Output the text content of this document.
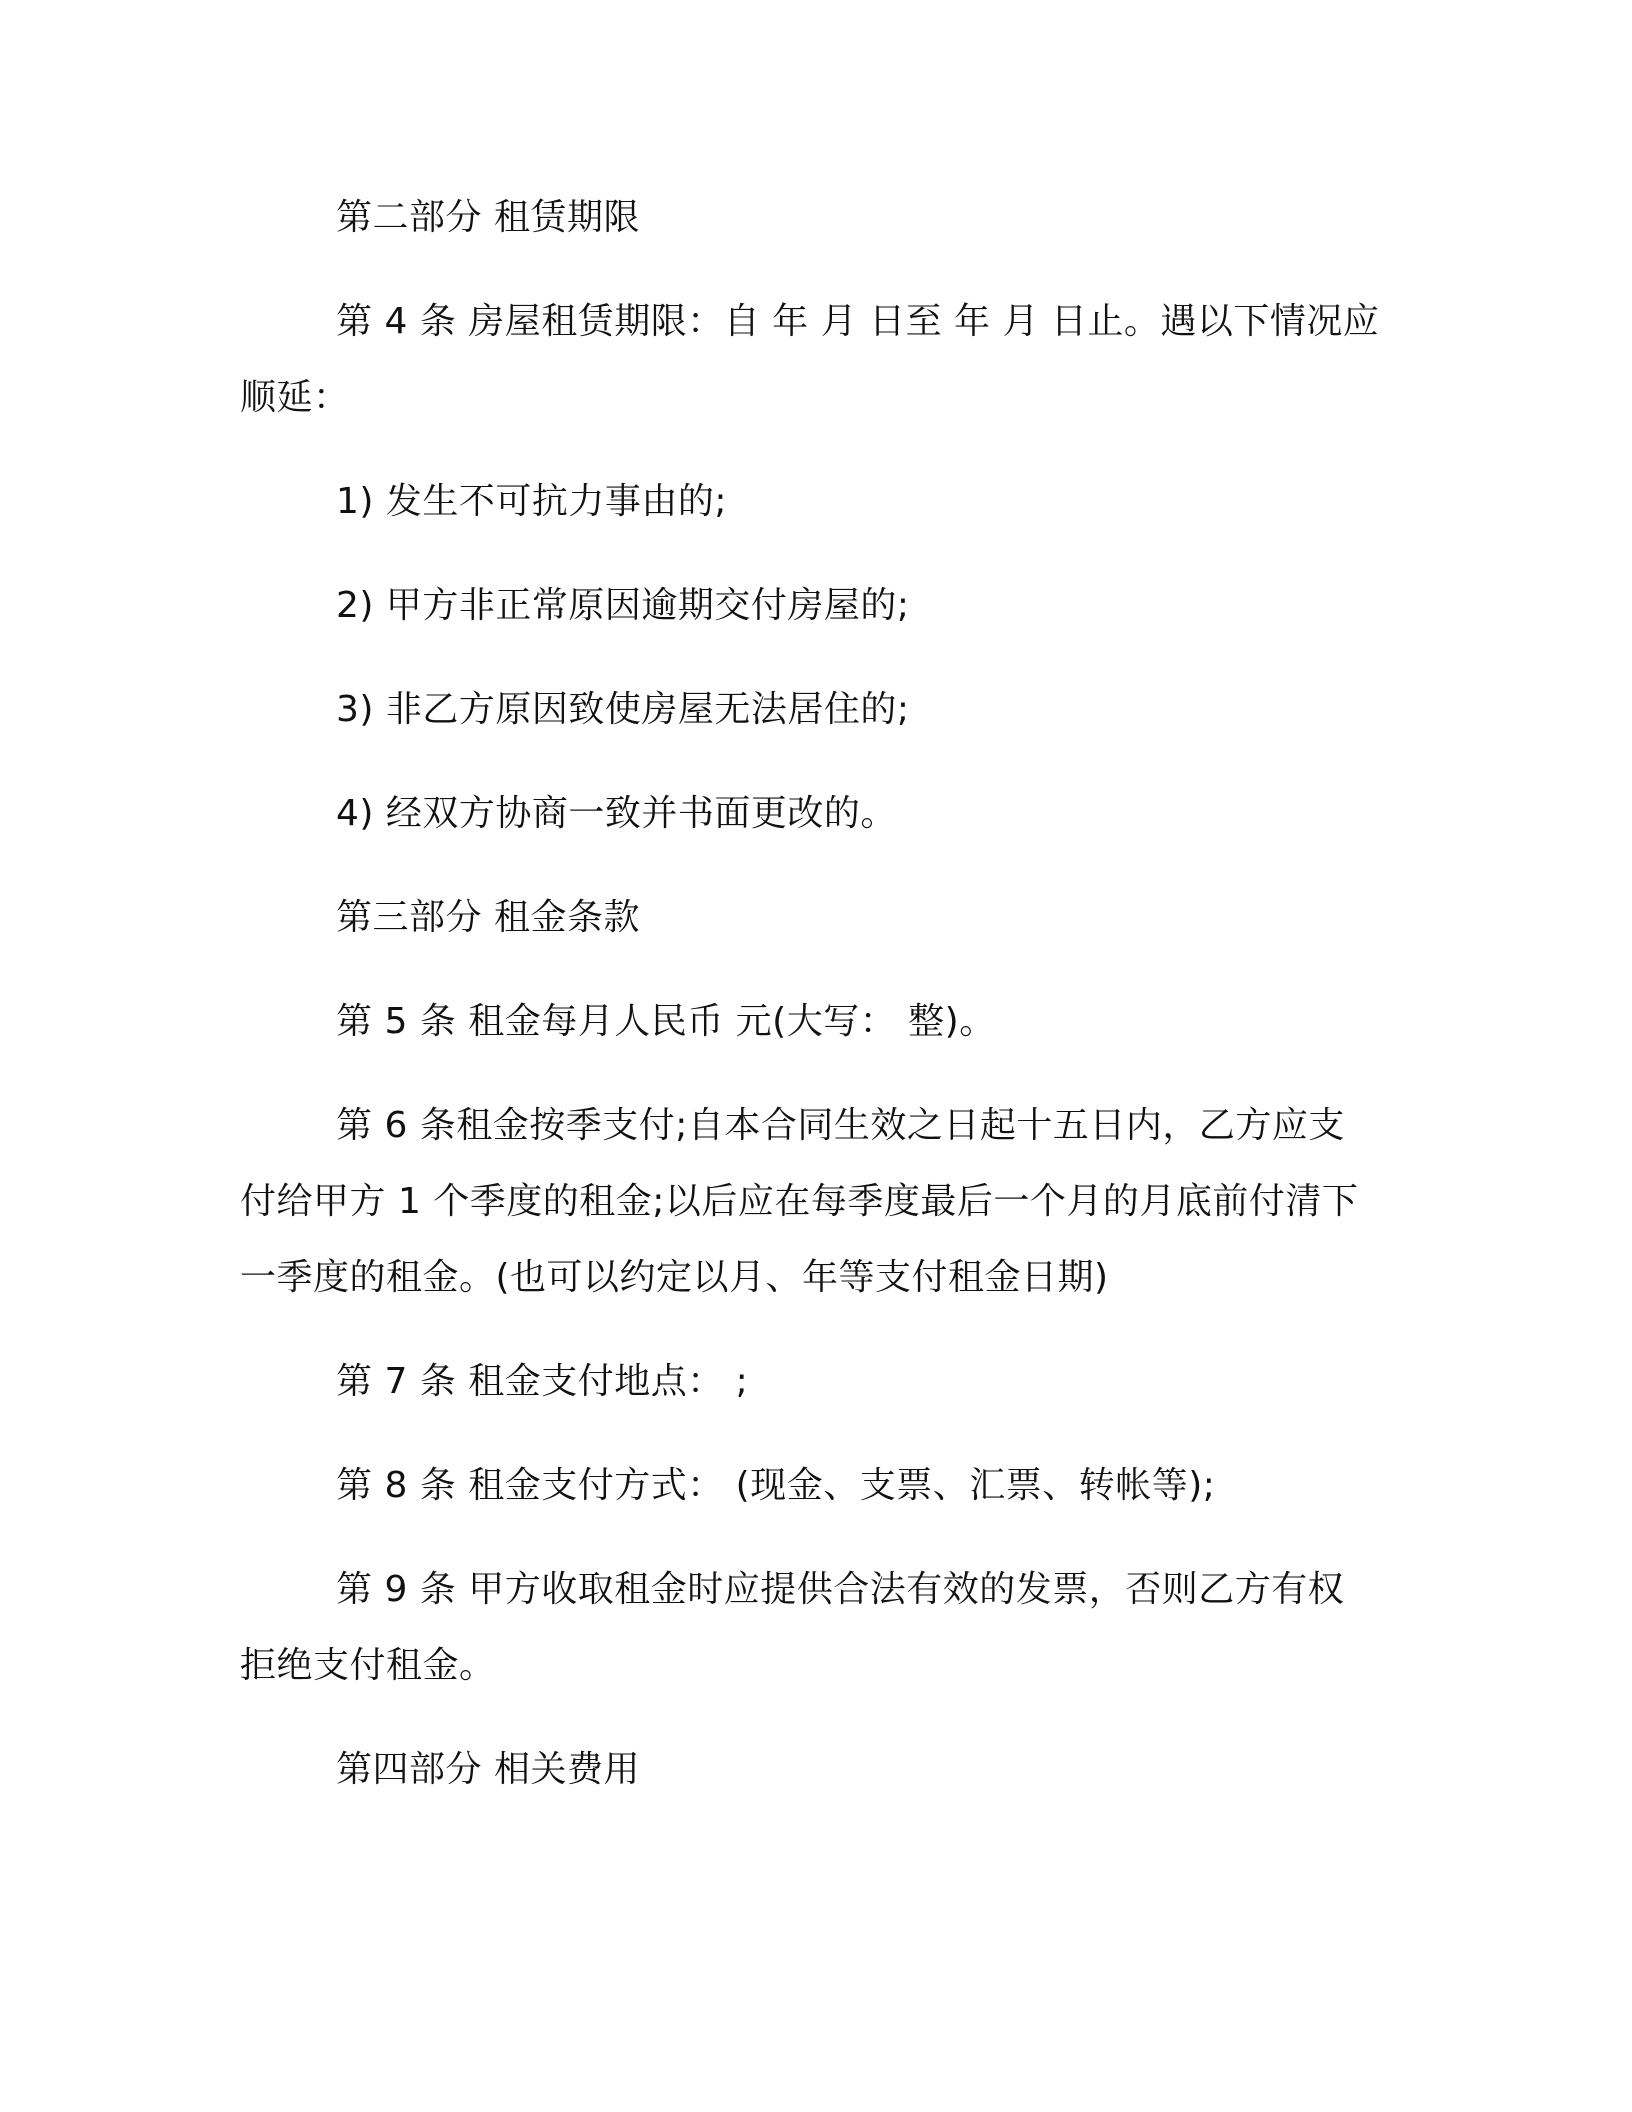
第二部分 租赁期限

第 4 条 房屋租赁期限：自 年 月 日至 年 月 日止。遇以下情况应

顺延：

1) 发生不可抗力事由的;

2) 甲方非正常原因逾期交付房屋的;

3) 非乙方原因致使房屋无法居住的;

4) 经双方协商一致并书面更改的。

第三部分 租金条款

第 5 条 租金每月人民币 元(大写： 整)。

第 6 条租金按季支付;自本合同生效之日起十五日内，乙方应支

付给甲方 1 个季度的租金;以后应在每季度最后一个月的月底前付清下

一季度的租金。(也可以约定以月、年等支付租金日期)

第 7 条 租金支付地点： ;

第 8 条 租金支付方式： (现金、支票、汇票、转帐等);

第 9 条 甲方收取租金时应提供合法有效的发票，否则乙方有权

拒绝支付租金。

第四部分 相关费用
